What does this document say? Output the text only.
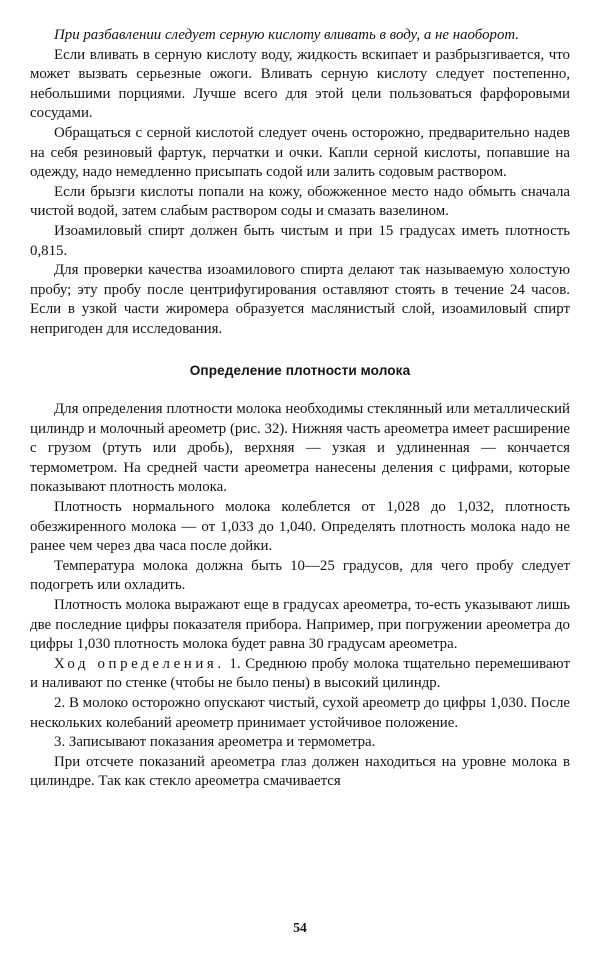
При разбавлении следует серную кислоту вливать в воду, а не наоборот.

Если вливать в серную кислоту воду, жидкость вскипает и разбрызгивается, что может вызвать серьезные ожоги. Вливать серную кислоту следует постепенно, небольшими порциями. Лучше всего для этой цели пользоваться фарфоровыми сосудами.

Обращаться с серной кислотой следует очень осторожно, предварительно надев на себя резиновый фартук, перчатки и очки. Капли серной кислоты, попавшие на одежду, надо немедленно присыпать содой или залить содовым раствором.

Если брызги кислоты попали на кожу, обожженное место надо обмыть сначала чистой водой, затем слабым раствором соды и смазать вазелином.

Изоамиловый спирт должен быть чистым и при 15 градусах иметь плотность 0,815.

Для проверки качества изоамилового спирта делают так называемую холостую пробу; эту пробу после центрифугирования оставляют стоять в течение 24 часов. Если в узкой части жиромера образуется маслянистый слой, изоамиловый спирт непригоден для исследования.

Определение плотности молока

Для определения плотности молока необходимы стеклянный или металлический цилиндр и молочный ареометр (рис. 32). Нижняя часть ареометра имеет расширение с грузом (ртуть или дробь), верхняя — узкая и удлиненная — кончается термометром. На средней части ареометра нанесены деления с цифрами, которые показывают плотность молока.

Плотность нормального молока колеблется от 1,028 до 1,032, плотность обезжиренного молока — от 1,033 до 1,040. Определять плотность молока надо не ранее чем через два часа после дойки.

Температура молока должна быть 10—25 градусов, для чего пробу следует подогреть или охладить.

Плотность молока выражают еще в градусах ареометра, то-есть указывают лишь две последние цифры показателя прибора. Например, при погружении ареометра до цифры 1,030 плотность молока будет равна 30 градусам ареометра.

Ход определения. 1. Среднюю пробу молока тщательно перемешивают и наливают по стенке (чтобы не было пены) в высокий цилиндр.

2. В молоко осторожно опускают чистый, сухой ареометр до цифры 1,030. После нескольких колебаний ареометр принимает устойчивое положение.

3. Записывают показания ареометра и термометра.

При отсчете показаний ареометра глаз должен находиться на уровне молока в цилиндре. Так как стекло ареометра смачивается

54
